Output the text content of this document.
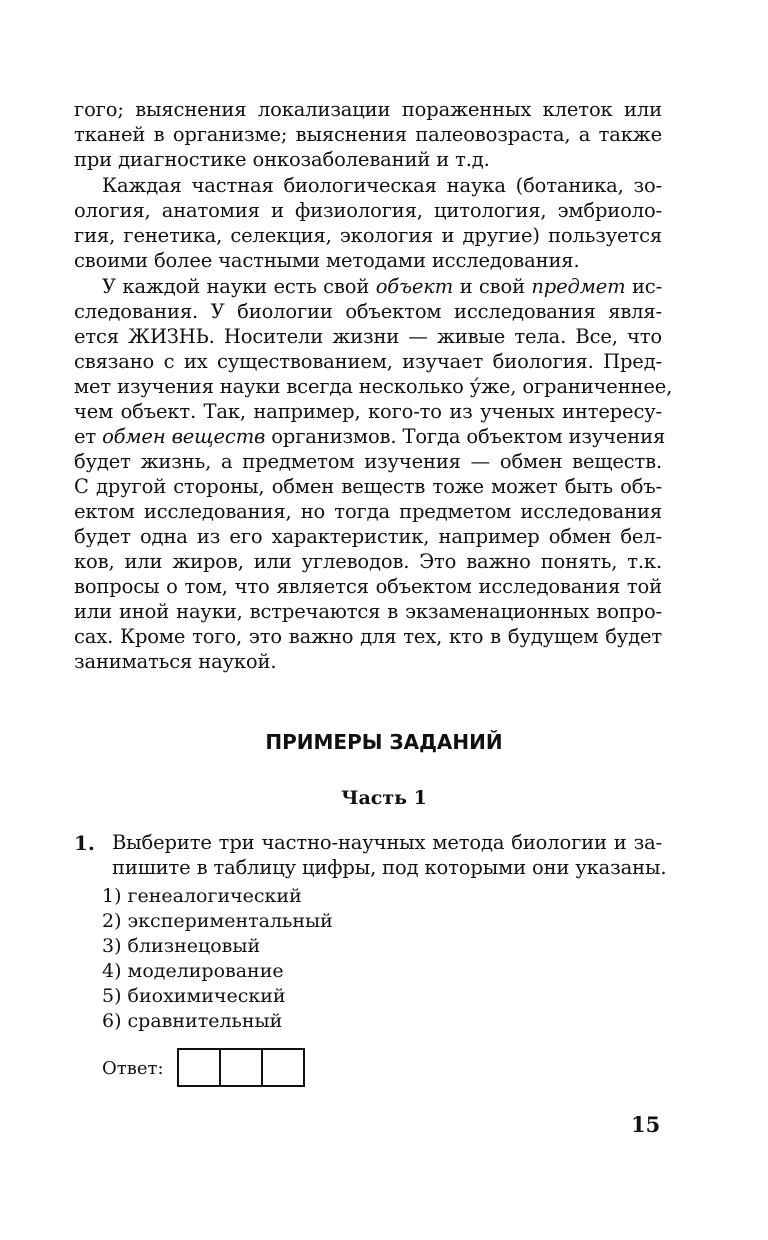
гого; выяснения локализации пораженных клеток или
тканей в организме; выяснения палеовозраста, а также
при диагностике онкозаболеваний и т.д.
Каждая частная биологическая наука (ботаника, зо-
ология, анатомия и физиология, цитология, эмбриоло-
гия, генетика, селекция, экология и другие) пользуется
своими более частными методами исследования.
У каждой науки есть свой объект и свой предмет ис-
следования. У биологии объектом исследования явля-
ется ЖИЗНЬ. Носители жизни — живые тела. Все, что
связано с их существованием, изучает биология. Пред-
мет изучения науки всегда несколько у́же, ограниченнее,
чем объект. Так, например, кого-то из ученых интересу-
ет обмен веществ организмов. Тогда объектом изучения
будет жизнь, а предметом изучения — обмен веществ.
С другой стороны, обмен веществ тоже может быть объ-
ектом исследования, но тогда предметом исследования
будет одна из его характеристик, например обмен бел-
ков, или жиров, или углеводов. Это важно понять, т.к.
вопросы о том, что является объектом исследования той
или иной науки, встречаются в экзаменационных вопро-
сах. Кроме того, это важно для тех, кто в будущем будет
заниматься наукой.
ПРИМЕРЫ ЗАДАНИЙ
Часть 1
1. Выберите три частно-научных метода биологии и за-
пишите в таблицу цифры, под которыми они указаны.
1) генеалогический
2) экспериментальный
3) близнецовый
4) моделирование
5) биохимический
6) сравнительный
Ответ:
15
